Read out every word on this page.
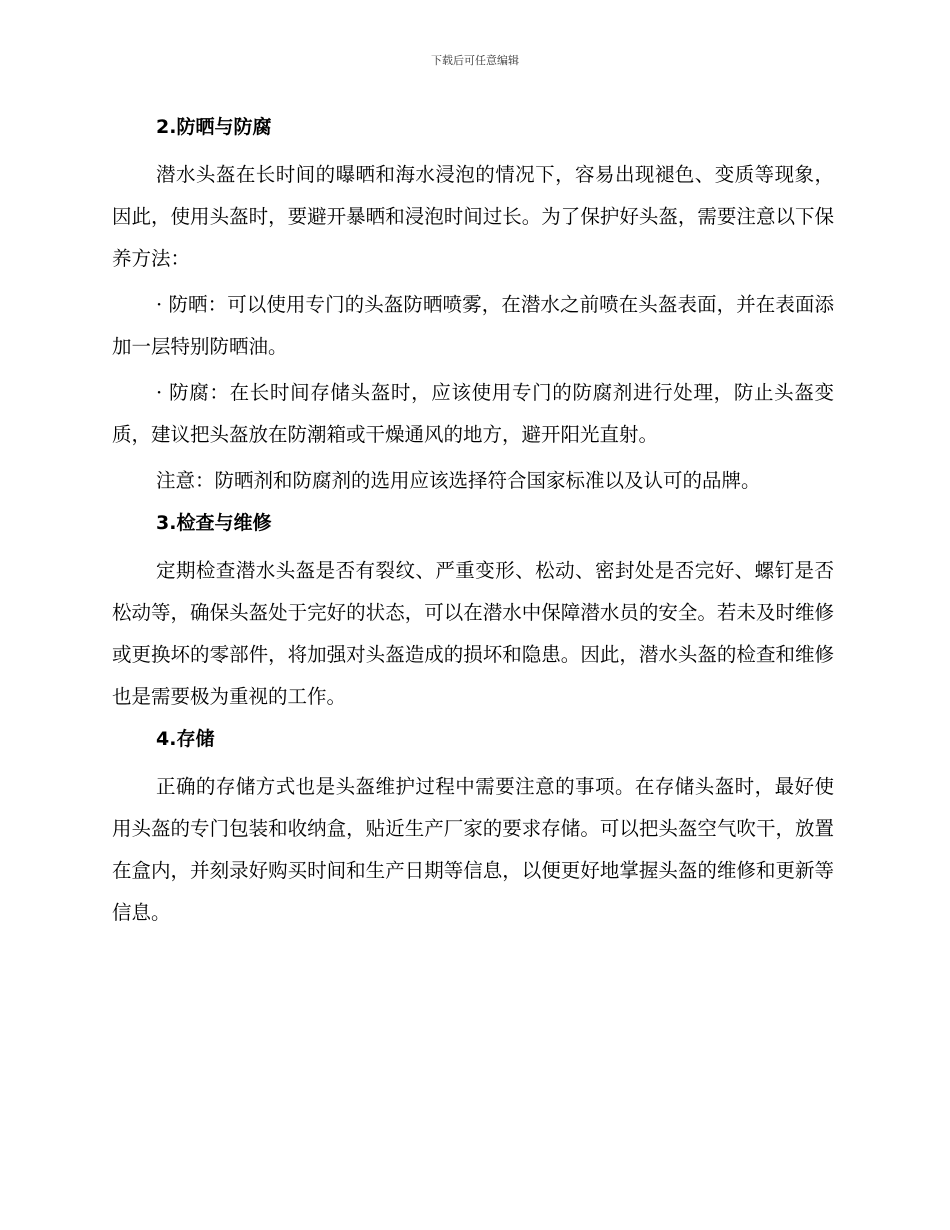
下载后可任意编辑
2.防晒与防腐

潜水头盔在长时间的曝晒和海水浸泡的情况下，容易出现褪色、变质等现象，因此，使用头盔时，要避开暴晒和浸泡时间过长。为了保护好头盔，需要注意以下保养方法：

· 防晒：可以使用专门的头盔防晒喷雾，在潜水之前喷在头盔表面，并在表面添加一层特别防晒油。

· 防腐：在长时间存储头盔时，应该使用专门的防腐剂进行处理，防止头盔变质，建议把头盔放在防潮箱或干燥通风的地方，避开阳光直射。

注意：防晒剂和防腐剂的选用应该选择符合国家标准以及认可的品牌。

3.检查与维修

定期检查潜水头盔是否有裂纹、严重变形、松动、密封处是否完好、螺钉是否松动等，确保头盔处于完好的状态，可以在潜水中保障潜水员的安全。若未及时维修或更换坏的零部件，将加强对头盔造成的损坏和隐患。因此，潜水头盔的检查和维修也是需要极为重视的工作。

4.存储

正确的存储方式也是头盔维护过程中需要注意的事项。在存储头盔时，最好使用头盔的专门包装和收纳盒，贴近生产厂家的要求存储。可以把头盔空气吹干，放置在盒内，并刻录好购买时间和生产日期等信息，以便更好地掌握头盔的维修和更新等信息。
